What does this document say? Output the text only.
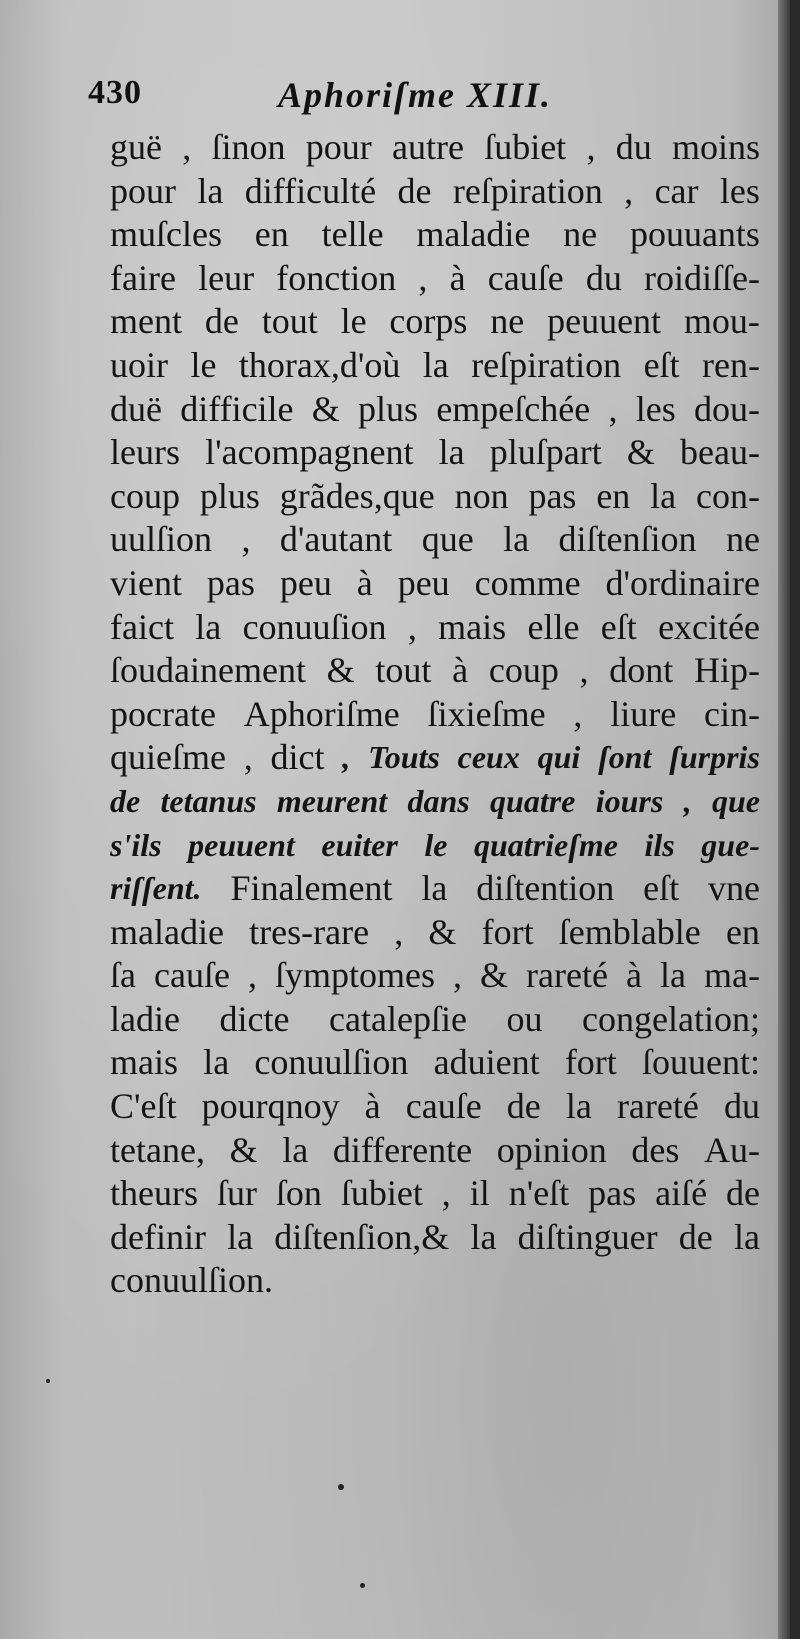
430	Aphoriſme XIII.
guë , ſinon pour autre ſubiet , du moins
pour la difficulté de reſpiration , car les
muſcles en telle maladie ne pouuants
faire leur fonction , à cauſe du roidiſſe-
ment de tout le corps ne peuuent mou-
uoir le thorax,d'où la reſpiration eſt ren-
duë difficile & plus empeſchée , les dou-
leurs l'acompagnent la pluſpart & beau-
coup plus grãdes,que non pas en la con-
uulſion , d'autant que la diſtenſion ne
vient pas peu à peu comme d'ordinaire
faict la conuuſion , mais elle eſt excitée
ſoudainement & tout à coup , dont Hip-
pocrate Aphoriſme ſixieſme , liure cin-
quieſme , dict , Touts ceux qui ſont ſurpris
de tetanus meurent dans quatre iours , que
s'ils peuuent euiter le quatrieſme ils gue-
riſſent. Finalement la diſtention eſt vne
maladie tres-rare , & fort ſemblable en
ſa cauſe , ſymptomes , & rareté à la ma-
ladie dicte catalepſie ou congelation;
mais la conuulſion aduient fort ſouuent:
C'eſt pourqnoy à cauſe de la rareté du
tetane, & la differente opinion des Au-
theurs ſur ſon ſubiet , il n'eſt pas aiſé de
definir la diſtenſion,& la diſtinguer de la
conuulſion.
